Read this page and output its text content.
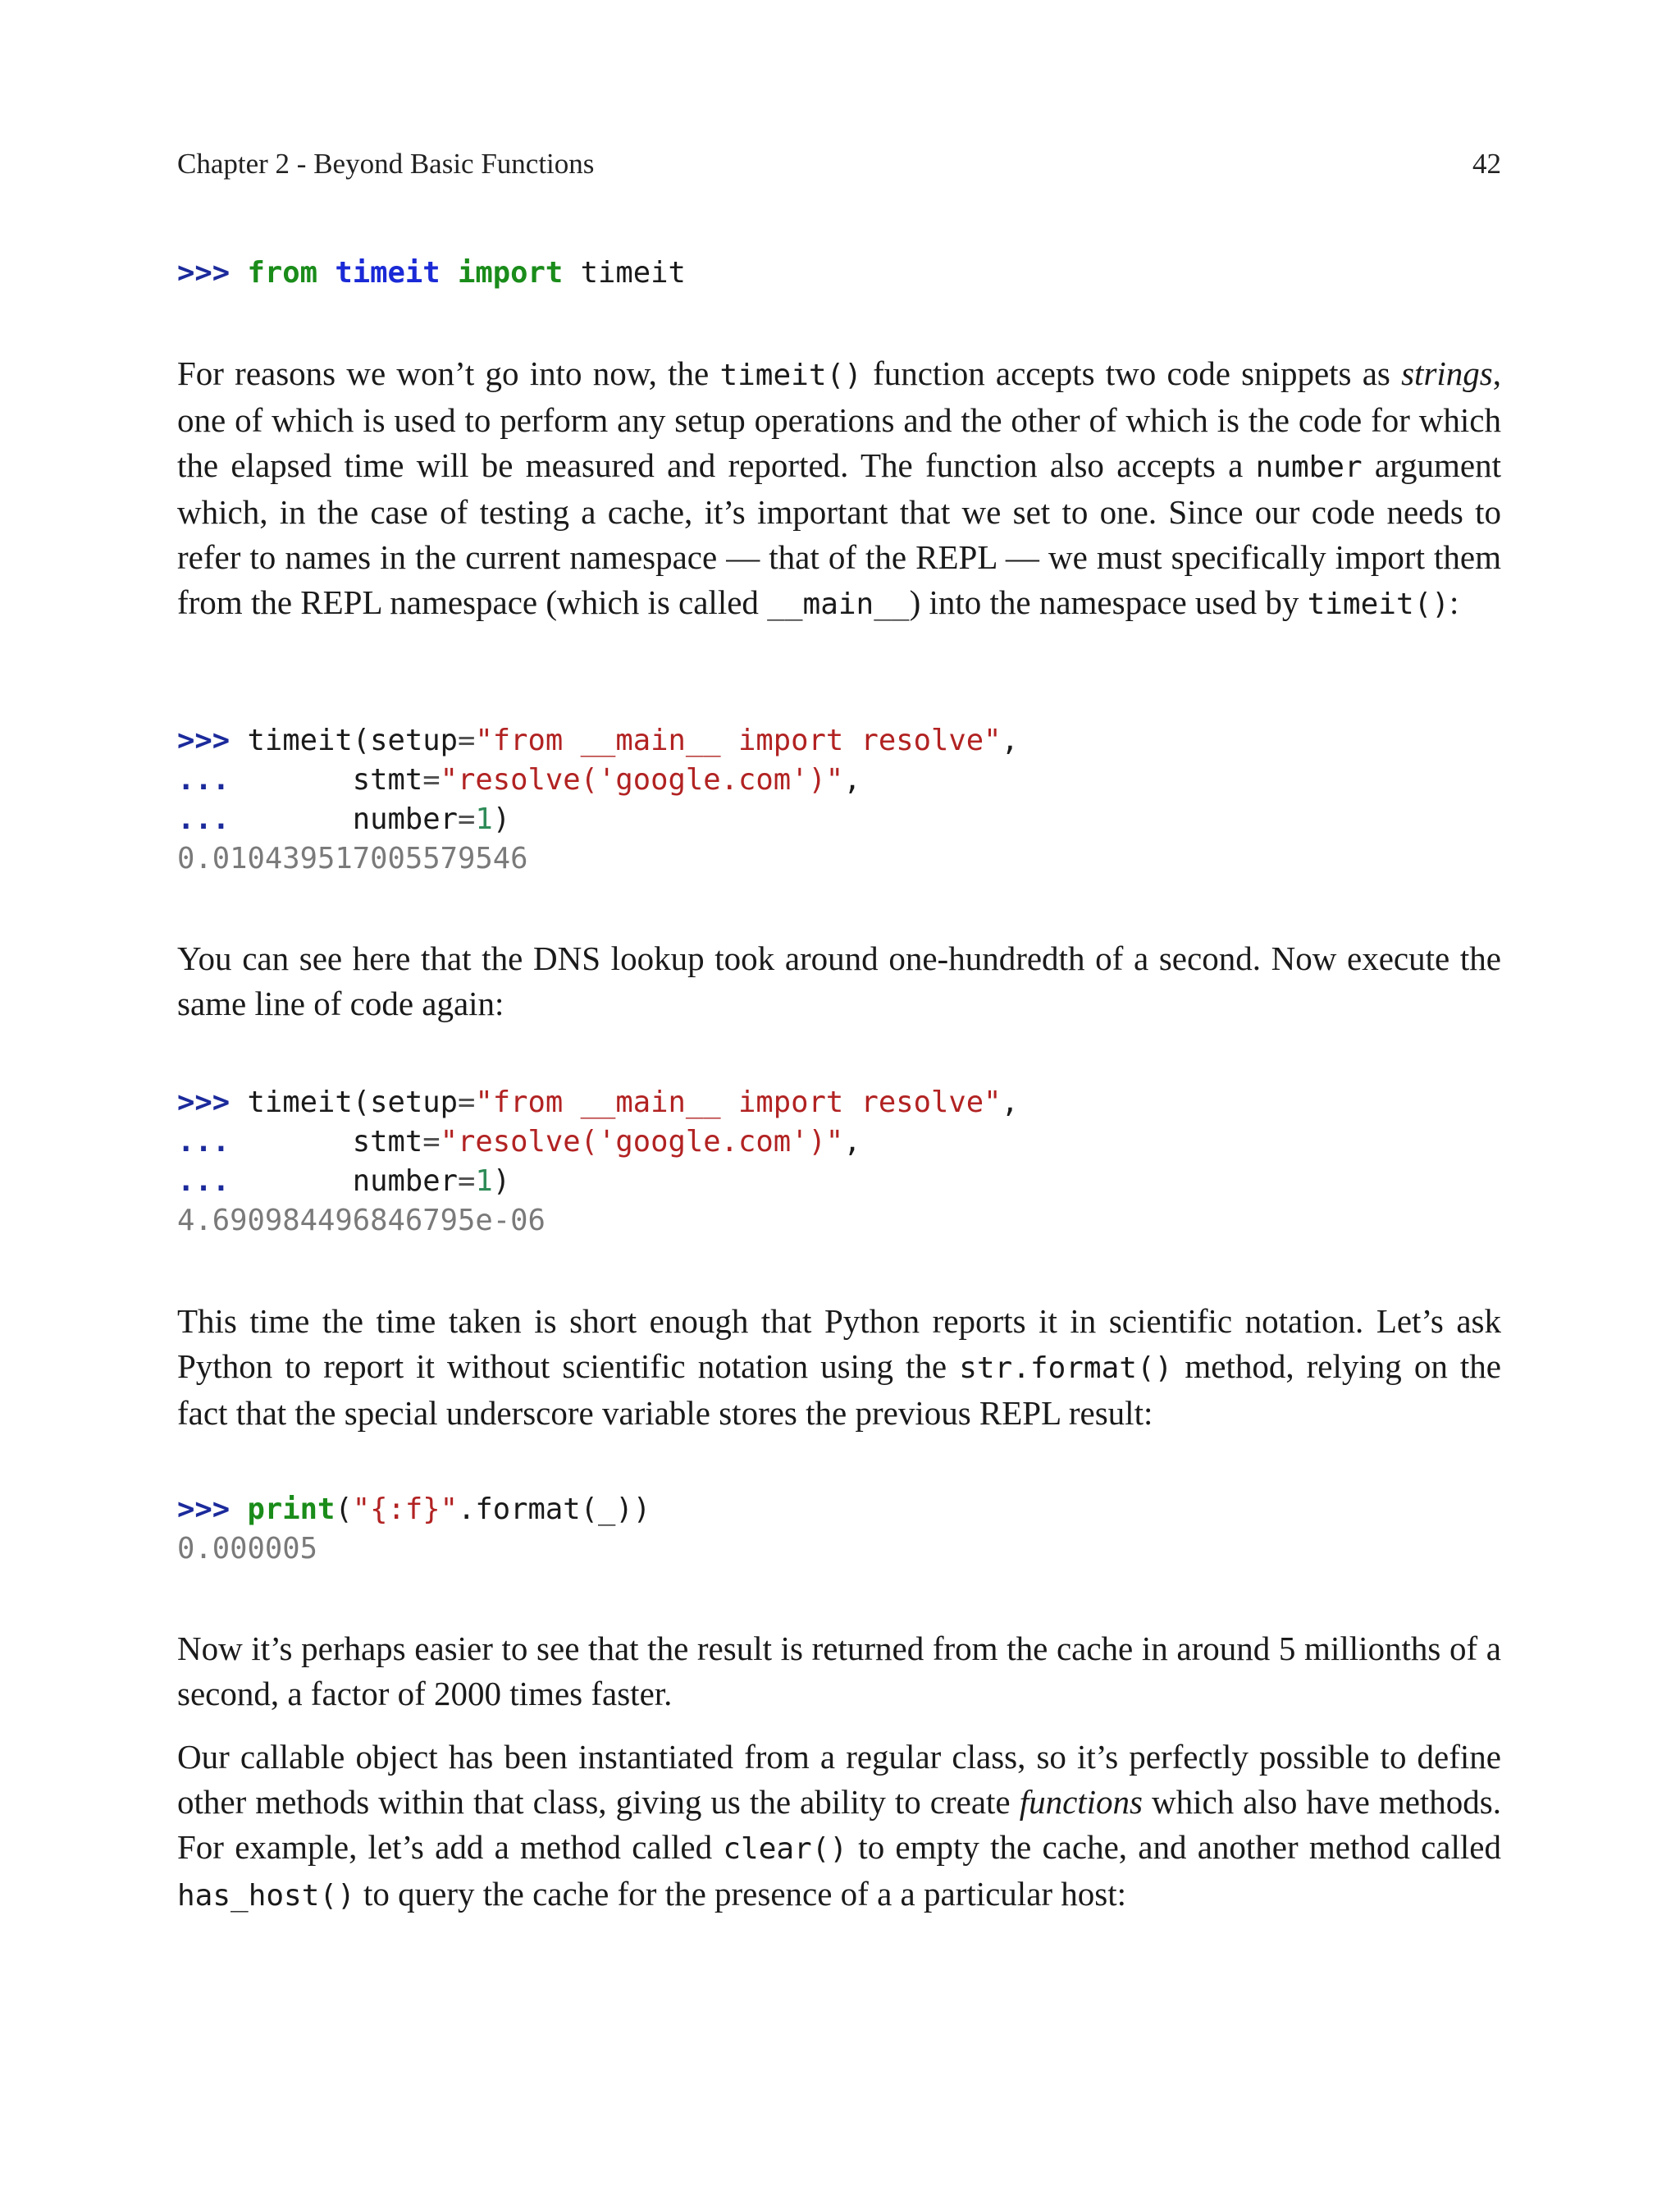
Chapter 2 - Beyond Basic Functions	42
>>> from timeit import timeit

For reasons we won’t go into now, the timeit() function accepts two code snippets as strings, one of which is used to perform any setup operations and the other of which is the code for which the elapsed time will be measured and reported. The function also accepts a number argument which, in the case of testing a cache, it’s important that we set to one. Since our code needs to refer to names in the current namespace — that of the REPL — we must specifically import them from the REPL namespace (which is called __main__) into the namespace used by timeit():

>>> timeit(setup="from __main__ import resolve",
...       stmt="resolve('google.com')",
...       number=1)
0.010439517005579546

You can see here that the DNS lookup took around one-hundredth of a second. Now execute the same line of code again:

>>> timeit(setup="from __main__ import resolve",
...       stmt="resolve('google.com')",
...       number=1)
4.690984496846795e-06

This time the time taken is short enough that Python reports it in scientific notation. Let’s ask Python to report it without scientific notation using the str.format() method, relying on the fact that the special underscore variable stores the previous REPL result:

>>> print("{:f}".format(_))
0.000005

Now it’s perhaps easier to see that the result is returned from the cache in around 5 millionths of a second, a factor of 2000 times faster.

Our callable object has been instantiated from a regular class, so it’s perfectly possible to define other methods within that class, giving us the ability to create functions which also have methods. For example, let’s add a method called clear() to empty the cache, and another method called has_host() to query the cache for the presence of a a particular host:
